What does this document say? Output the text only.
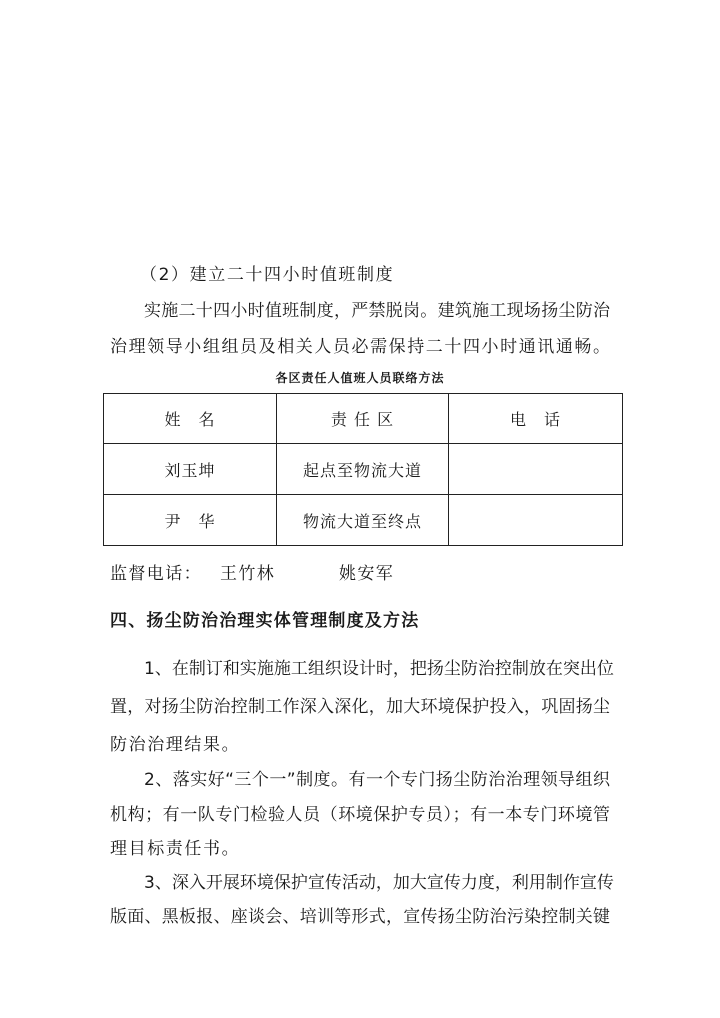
（2）建立二十四小时值班制度
实施二十四小时值班制度，严禁脱岗。建筑施工现场扬尘防治
治理领导小组组员及相关人员必需保持二十四小时通讯通畅。
各区责任人值班人员联络方法
姓　名	责 任 区	电　话
刘玉坤	起点至物流大道	
尹　华	物流大道至终点	
监督电话： 王竹林	姚安军
四、扬尘防治治理实体管理制度及方法
1、在制订和实施施工组织设计时，把扬尘防治控制放在突出位
置，对扬尘防治控制工作深入深化，加大环境保护投入，巩固扬尘
防治治理结果。
2、落实好“三个一”制度。有一个专门扬尘防治治理领导组织
机构；有一队专门检验人员（环境保护专员）；有一本专门环境管
理目标责任书。
3、深入开展环境保护宣传活动，加大宣传力度，利用制作宣传
版面、黑板报、座谈会、培训等形式，宣传扬尘防治污染控制关键
